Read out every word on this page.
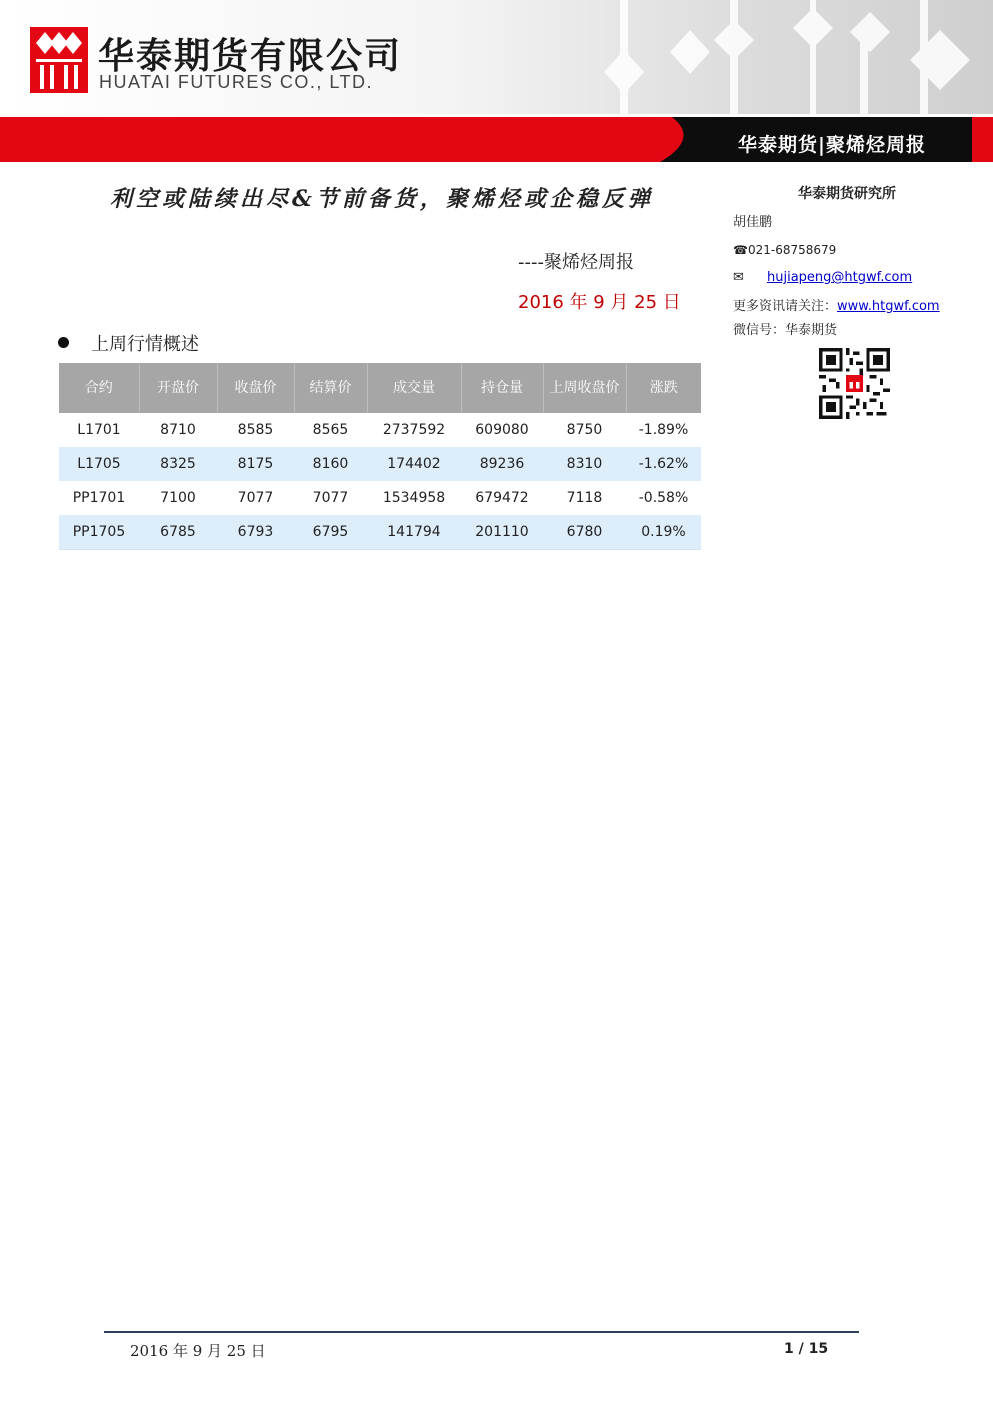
华泰期货有限公司
HUATAI FUTURES CO., LTD.
华泰期货|聚烯烃周报
利空或陆续出尽&节前备货，聚烯烃或企稳反弹
----聚烯烃周报
2016 年 9 月 25 日
华泰期货研究所
胡佳鹏
☎021-68758679
✉ hujiapeng@htgwf.com
更多资讯请关注：www.htgwf.com
微信号：华泰期货
上周行情概述
合约	开盘价	收盘价	结算价	成交量	持仓量	上周收盘价	涨跌
L1701	8710	8585	8565	2737592	609080	8750	-1.89%
L1705	8325	8175	8160	174402	89236	8310	-1.62%
PP1701	7100	7077	7077	1534958	679472	7118	-0.58%
PP1705	6785	6793	6795	141794	201110	6780	0.19%
2016 年 9 月 25 日	1 / 15
